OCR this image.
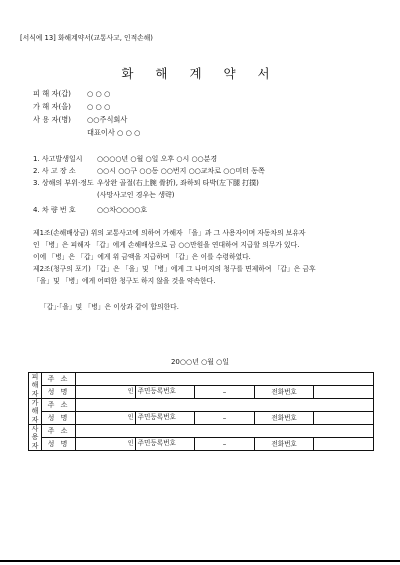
[서식예 13] 화해계약서(교통사고, 인적손해)
화 해 계 약 서
피 해 자(갑) ○ ○ ○
가 해 자(을) ○ ○ ○
사 용 자(병) ○○주식회사
대표이사 ○ ○ ○
1. 사고발생일시 ○○○○년 ○월 ○일 오후 ○시 ○○분경
2. 사 고 장 소	○○시 ○○구 ○○동 ○○번지 ○○교차로 ○○미터 동쪽
3. 상해의 부위·정도 우상완 골절(右上腕 骨折), 좌하퇴 타박(左下腿 打撲)
(사망사고인 경우는 생략)
4. 차 량 번 호	○○차○○○○호
제1조(손해배상금) 위의 교통사고에 의하여 가해자 「을」과 그 사용자이며 자동차의 보유자
인 「병」은 피해자 「갑」에게 손해배상으로 금 ○○만원을 연대하여 지급할 의무가 있다.
이에 「병」은 「갑」에게 위 금액을 지급하며 「갑」은 이를 수령하였다.
제2조(청구의 포기) 「갑」은 「을」및 「병」에게 그 나머지의 청구를 면제하여 「갑」은 금후
「을」및 「병」에게 어떠한 청구도 하지 않을 것을 약속한다.
「갑」·「을」및 「병」은 이상과 같이 합의한다.
20○○년 ○월 ○일
피해자	주 소					
	성 명	인	주민등록번호	–	전화번호	
가해자	주 소					
	성 명	인	주민등록번호	–	전화번호	
사용자	주 소					
	성 명	인	주민등록번호	–	전화번호	
